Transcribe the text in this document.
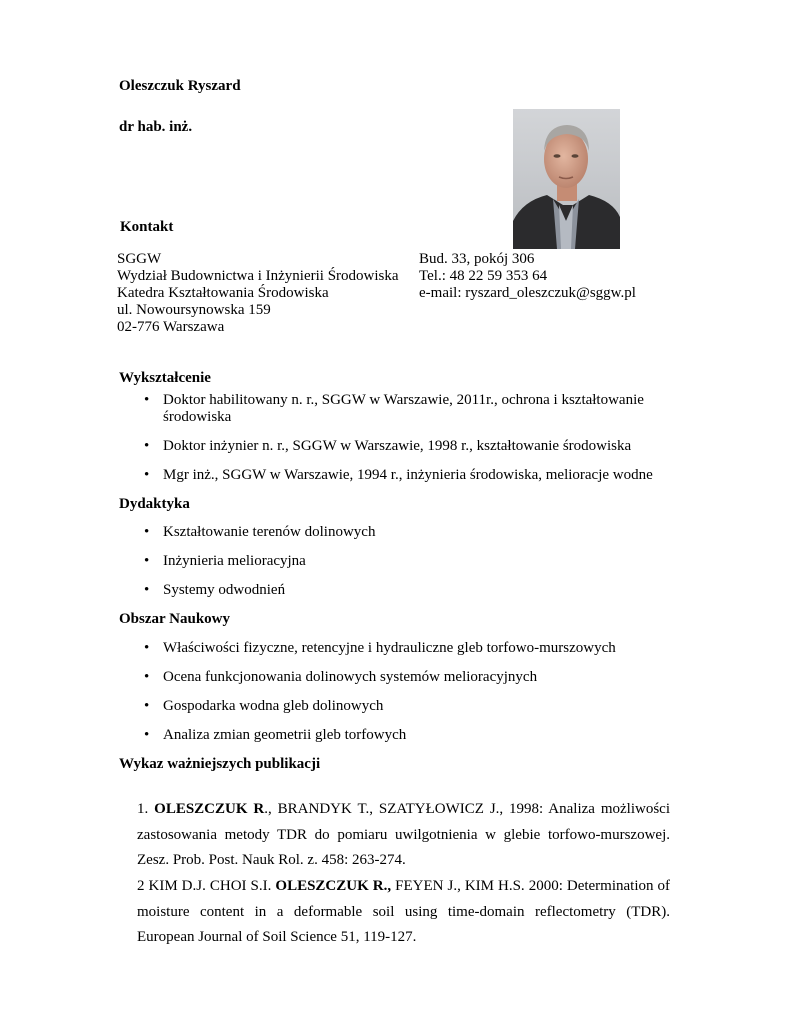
Oleszczuk Ryszard
dr hab. inż.
Kontakt
SGGW
Wydział Budownictwa i Inżynierii Środowiska
Katedra Kształtowania Środowiska
ul. Nowoursynowska 159
02-776 Warszawa
Bud. 33, pokój 306
Tel.: 48 22 59 353 64
e-mail: ryszard_oleszczuk@sggw.pl
Wykształcenie
• Doktor habilitowany n. r., SGGW w Warszawie, 2011r., ochrona i kształtowanie
środowiska
• Doktor inżynier n. r., SGGW w Warszawie, 1998 r., kształtowanie środowiska
• Mgr inż., SGGW w Warszawie, 1994 r., inżynieria środowiska, melioracje wodne
Dydaktyka
• Kształtowanie terenów dolinowych
• Inżynieria melioracyjna
• Systemy odwodnień
Obszar Naukowy
• Właściwości fizyczne, retencyjne i hydrauliczne gleb torfowo-murszowych
• Ocena funkcjonowania dolinowych systemów melioracyjnych
• Gospodarka wodna gleb dolinowych
• Analiza zmian geometrii gleb torfowych
Wykaz ważniejszych publikacji
1. OLESZCZUK R., BRANDYK T., SZATYŁOWICZ J., 1998: Analiza możliwości zastosowania metody TDR do pomiaru uwilgotnienia w glebie torfowo-murszowej. Zesz. Prob. Post. Nauk Rol. z. 458: 263-274.
2 KIM D.J. CHOI S.I. OLESZCZUK R., FEYEN J., KIM H.S. 2000: Determination of moisture content in a deformable soil using time-domain reflectometry (TDR). European Journal of Soil Science 51, 119-127.
